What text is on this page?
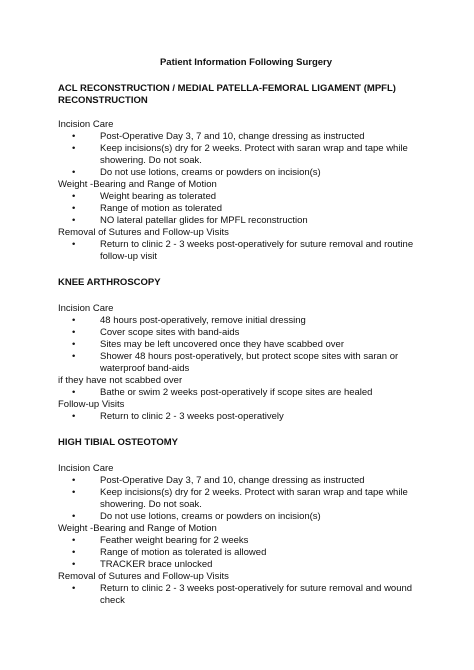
Patient Information Following Surgery
ACL RECONSTRUCTION / MEDIAL PATELLA-FEMORAL LIGAMENT (MPFL) RECONSTRUCTION
Incision Care
• Post-Operative Day 3, 7 and 10, change dressing as instructed
• Keep incisions(s) dry for 2 weeks. Protect with saran wrap and tape while showering. Do not soak.
• Do not use lotions, creams or powders on incision(s)
Weight -Bearing and Range of Motion
• Weight bearing as tolerated
• Range of motion as tolerated
• NO lateral patellar glides for MPFL reconstruction
Removal of Sutures and Follow-up Visits
• Return to clinic 2 - 3 weeks post-operatively for suture removal and routine follow-up visit
KNEE ARTHROSCOPY
Incision Care
• 48 hours post-operatively, remove initial dressing
• Cover scope sites with band-aids
• Sites may be left uncovered once they have scabbed over
• Shower 48 hours post-operatively, but protect scope sites with saran or waterproof band-aids
if they have not scabbed over
• Bathe or swim 2 weeks post-operatively if scope sites are healed
Follow-up Visits
• Return to clinic 2 - 3 weeks post-operatively
HIGH TIBIAL OSTEOTOMY
Incision Care
• Post-Operative Day 3, 7 and 10, change dressing as instructed
• Keep incisions(s) dry for 2 weeks. Protect with saran wrap and tape while showering. Do not soak.
• Do not use lotions, creams or powders on incision(s)
Weight -Bearing and Range of Motion
• Feather weight bearing for 2 weeks
• Range of motion as tolerated is allowed
• TRACKER brace unlocked
Removal of Sutures and Follow-up Visits
• Return to clinic 2 - 3 weeks post-operatively for suture removal and wound check
